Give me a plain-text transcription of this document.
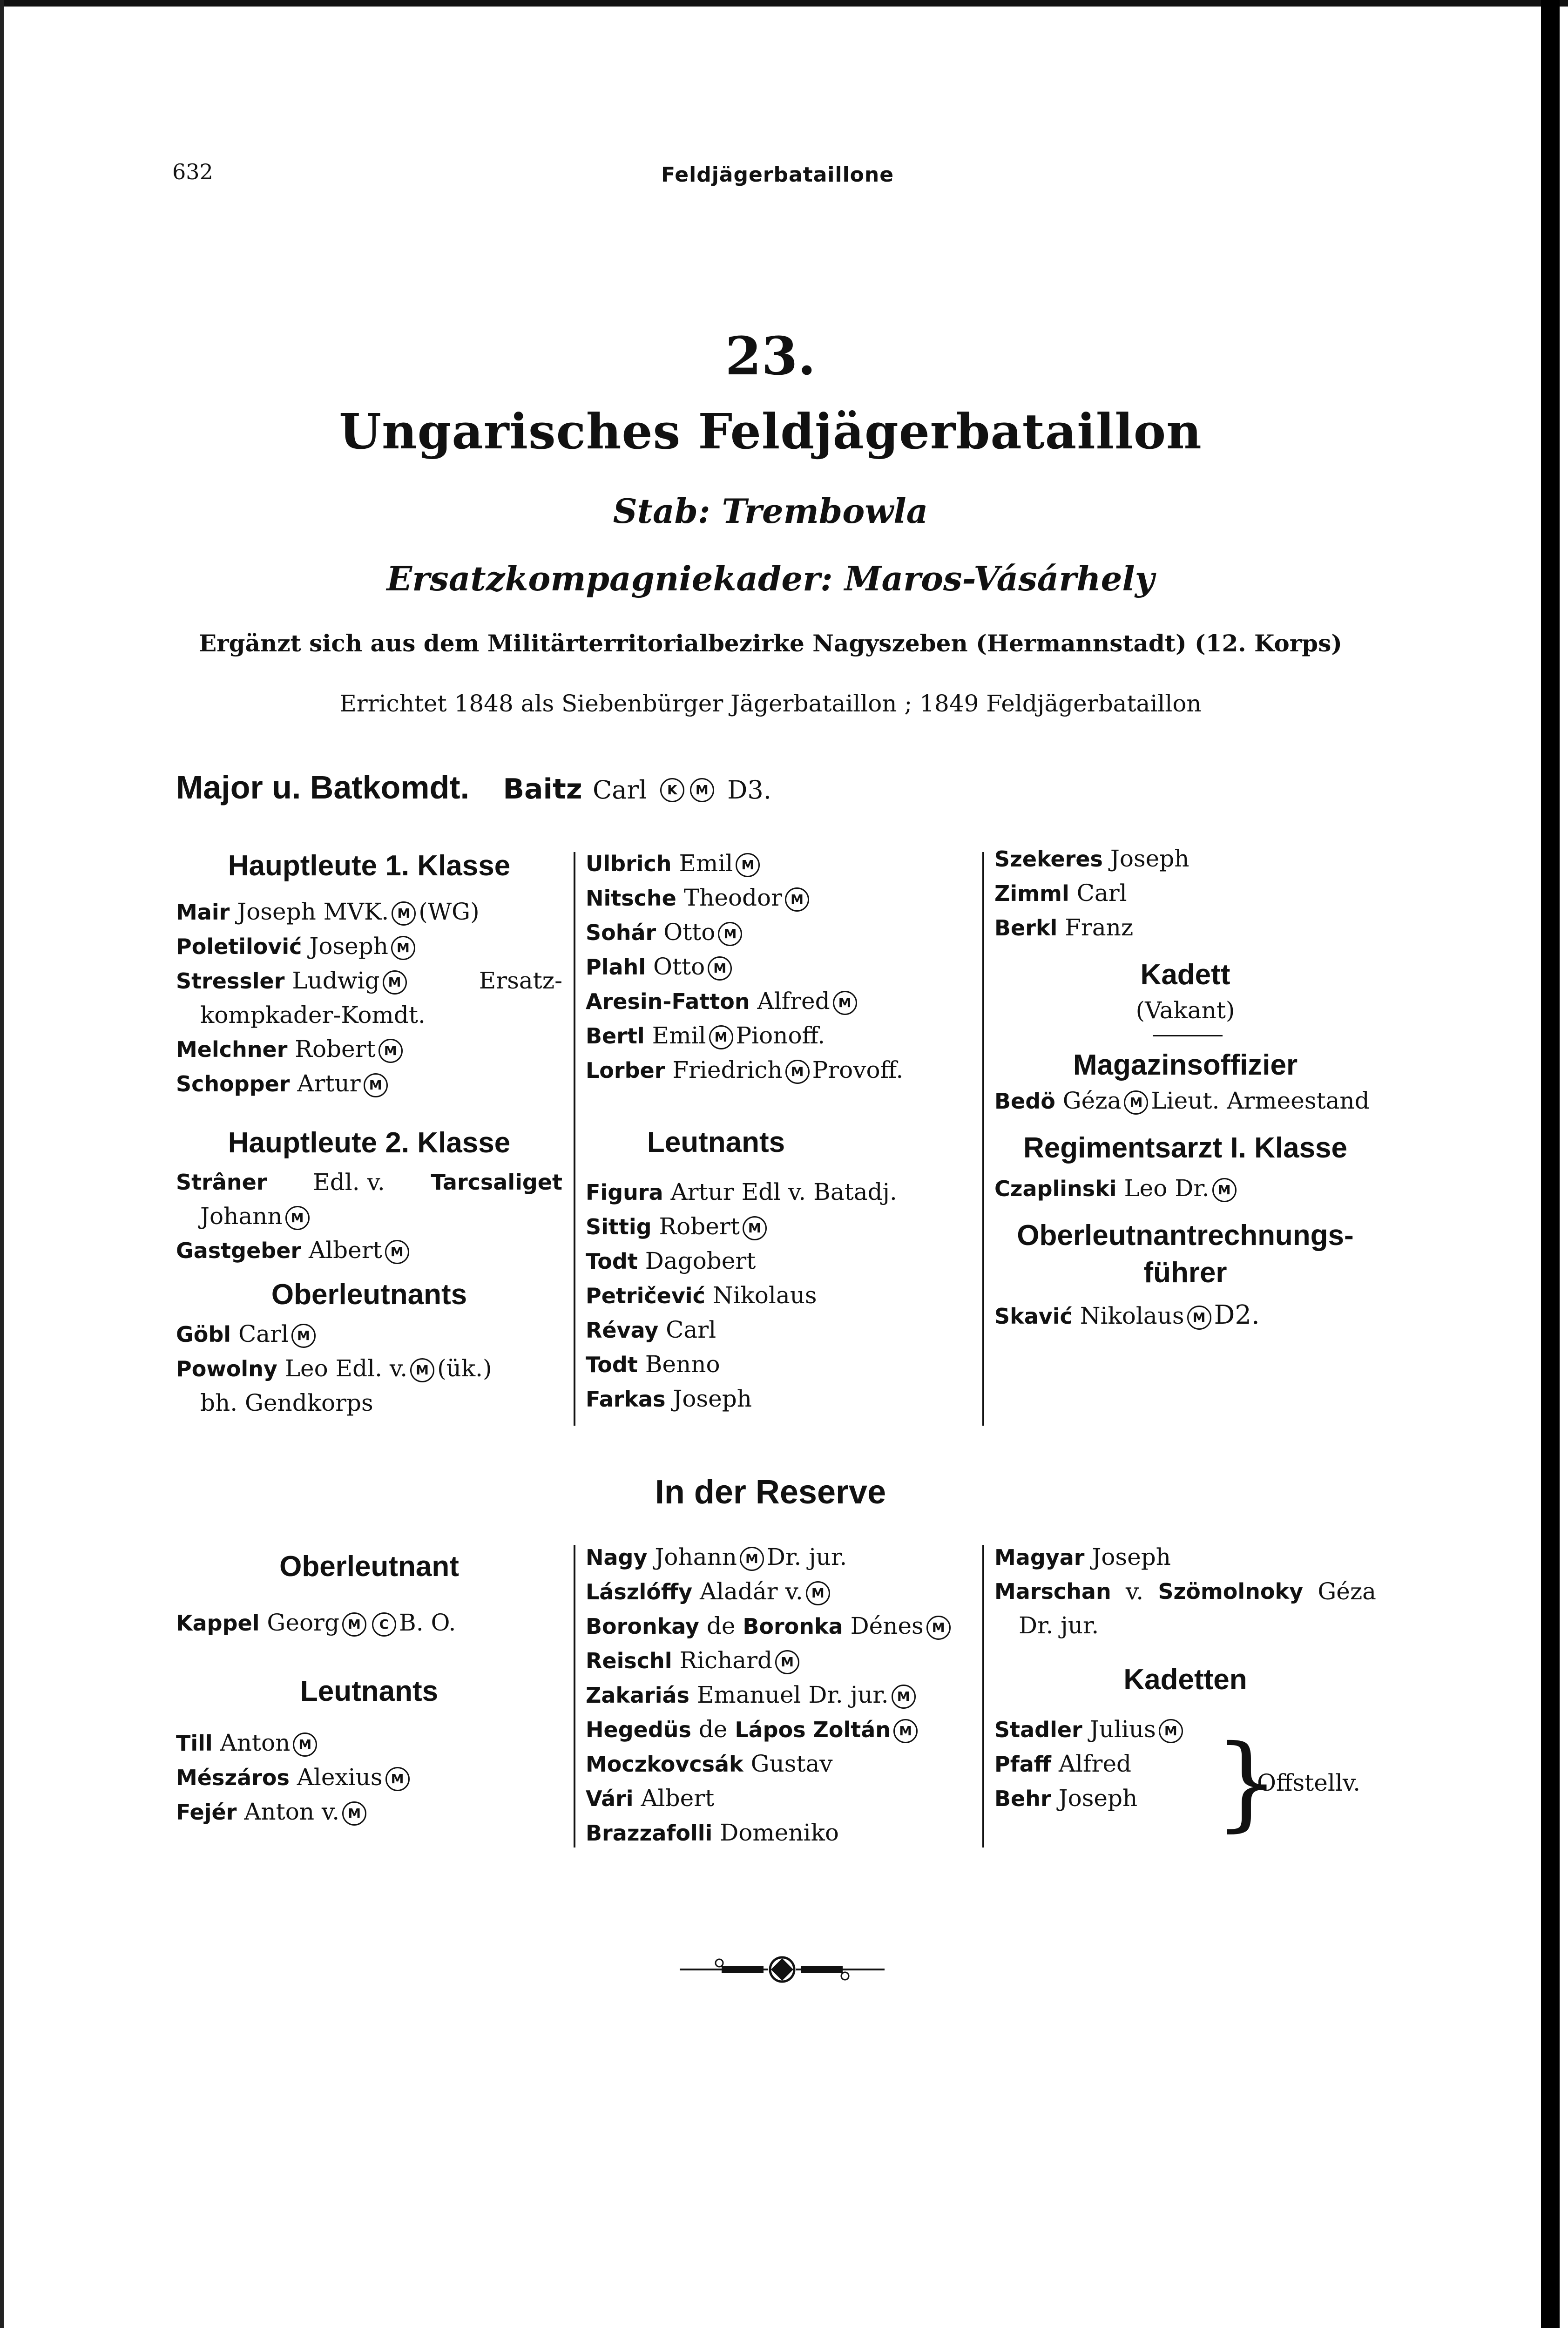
632	Feldjägerbataillone
23.
Ungarisches Feldjägerbataillon
Stab: Trembowla
Ersatzkompagniekader: Maros-Vásárhely
Ergänzt sich aus dem Militärterritorialbezirke Nagyszeben (Hermannstadt) (12. Korps)
Errichtet 1848 als Siebenbürger Jägerbataillon ; 1849 Feldjägerbataillon
Major u. Batkomdt. Baitz Carl K M D3.
Hauptleute 1. Klasse
Mair Joseph MVK. M (WG)
Poletilović Joseph M
Stressler Ludwig M	Ersatz-
kompkader-Komdt.
Melchner Robert M
Schopper Artur M
Hauptleute 2. Klasse
Strâner Edl. v. Tarcsaliget
Johann M
Gastgeber Albert M
Oberleutnants
Göbl Carl M
Powolny Leo Edl. v. M (ük.)
bh. Gendkorps
Ulbrich Emil M
Nitsche Theodor M
Sohár Otto M
Plahl Otto M
Aresin-Fatton Alfred M
Bertl Emil M Pionoff.
Lorber Friedrich M Provoff.
Leutnants
Figura Artur Edl v. Batadj.
Sittig Robert M
Todt Dagobert
Petričević Nikolaus
Révay Carl
Todt Benno
Farkas Joseph
Szekeres Joseph
Zimml Carl
Berkl Franz
Kadett
(Vakant)
Magazinsoffizier
Bedö Géza M Lieut. Armeestand
Regimentsarzt I. Klasse
Czaplinski Leo Dr. M
Oberleutnantrechnungs-
führer
Skavić Nikolaus M D2.
In der Reserve
Oberleutnant
Kappel Georg M C B. O.
Leutnants
Till Anton M
Mészáros Alexius M
Fejér Anton v. M
Nagy Johann M Dr. jur.
Lászlóffy Aladár v. M
Boronkay de Boronka Dénes M
Reischl Richard M
Zakariás Emanuel Dr. jur. M
Hegedüs de Lápos Zoltán M
Moczkovcsák Gustav
Vári Albert
Brazzafolli Domeniko
Magyar Joseph
Marschan v. Szömolnoky Géza
Dr. jur.
Kadetten
Stadler Julius M
Pfaff Alfred
Behr Joseph }
Offstellv.
